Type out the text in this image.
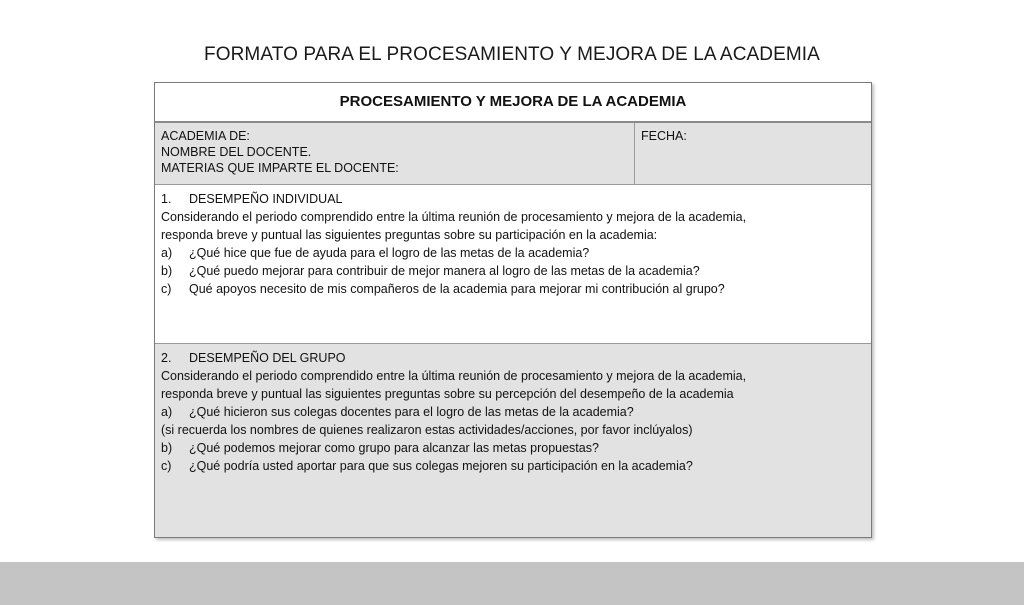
FORMATO PARA EL PROCESAMIENTO Y MEJORA DE LA ACADEMIA
PROCESAMIENTO Y MEJORA DE LA ACADEMIA
ACADEMIA DE:
NOMBRE DEL DOCENTE.
MATERIAS QUE IMPARTE EL DOCENTE:
FECHA:
1. DESEMPEÑO INDIVIDUAL
Considerando el periodo comprendido entre la última reunión de procesamiento y mejora de la academia,
responda breve y puntual las siguientes preguntas sobre su participación en la academia:
a) ¿Qué hice que fue de ayuda para el logro de las metas de la academia?
b) ¿Qué puedo mejorar para contribuir de mejor manera al logro de las metas de la academia?
c) Qué apoyos necesito de mis compañeros de la academia para mejorar mi contribución al grupo?
2. DESEMPEÑO DEL GRUPO
Considerando el periodo comprendido entre la última reunión de procesamiento y mejora de la academia,
responda breve y puntual las siguientes preguntas sobre su percepción del desempeño de la academia
a) ¿Qué hicieron sus colegas docentes para el logro de las metas de la academia?
(si recuerda los nombres de quienes realizaron estas actividades/acciones, por favor inclúyalos)
b) ¿Qué podemos mejorar como grupo para alcanzar las metas propuestas?
c) ¿Qué podría usted aportar para que sus colegas mejoren su participación en la academia?
